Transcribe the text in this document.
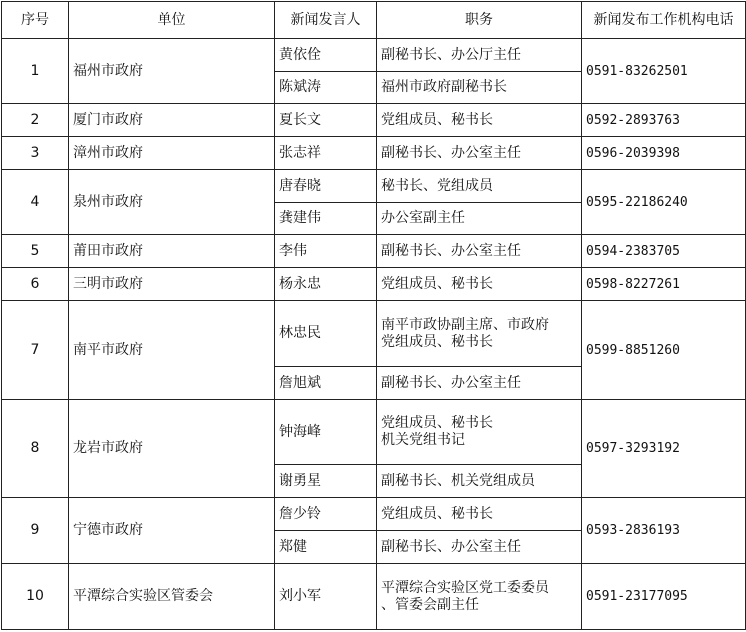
序号	单位	新闻发言人	职务	新闻发布工作机构电话
1	福州市政府	黄依佺	副秘书长、办公厅主任	0591-83262501
		陈斌涛	福州市政府副秘书长	

2	厦门市政府	夏长文	党组成员、秘书长	0592-2893763
3	漳州市政府	张志祥	副秘书长、办公室主任	0596-2039398
4	泉州市政府	唐春晓	秘书长、党组成员	0595-22186240
		龚建伟	办公室副主任	

5	莆田市政府	李伟	副秘书长、办公室主任	0594-2383705
6	三明市政府	杨永忠	党组成员、秘书长	0598-8227261
7	南平市政府	林忠民	南平市政协副主席、市政府
党组成员、秘书长	0599-8851260
		詹旭斌	副秘书长、办公室主任	

8	龙岩市政府	钟海峰	党组成员、秘书长
机关党组书记	0597-3293192
		谢勇星	副秘书长、机关党组成员	

9	宁德市政府	詹少铃	党组成员、秘书长	0593-2836193
		郑健	副秘书长、办公室主任	

10	平潭综合实验区管委会	刘小军	平潭综合实验区党工委委员
、管委会副主任	0591-23177095
